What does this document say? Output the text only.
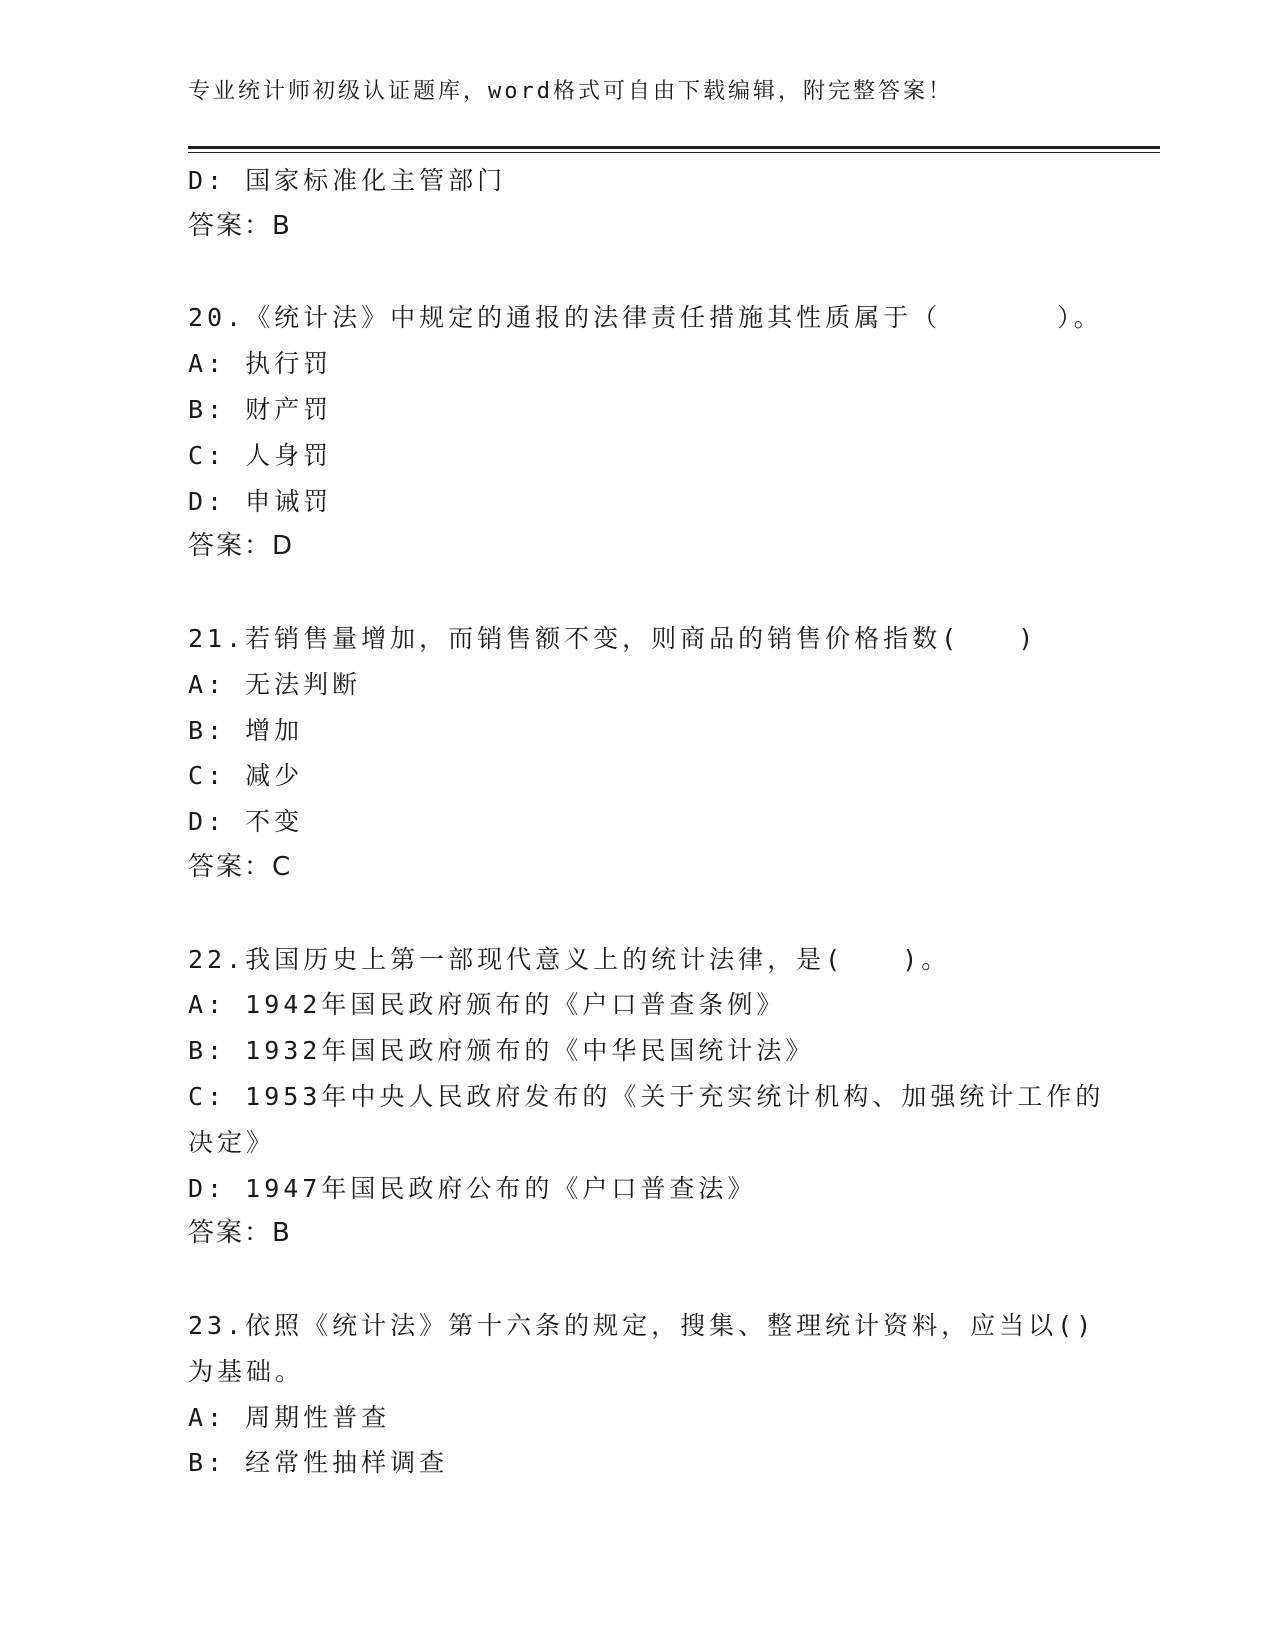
专业统计师初级认证题库，word格式可自由下载编辑，附完整答案！
D: 国家标准化主管部门
答案：B
20.《统计法》中规定的通报的法律责任措施其性质属于（　　　　）。
A: 执行罚
B: 财产罚
C: 人身罚
D: 申诫罚
答案：D
21.若销售量增加，而销售额不变，则商品的销售价格指数(　　)
A: 无法判断
B: 增加
C: 减少
D: 不变
答案：C
22.我国历史上第一部现代意义上的统计法律，是(　　)。
A: 1942年国民政府颁布的《户口普查条例》
B: 1932年国民政府颁布的《中华民国统计法》
C: 1953年中央人民政府发布的《关于充实统计机构、加强统计工作的决定》
D: 1947年国民政府公布的《户口普查法》
答案：B
23.依照《统计法》第十六条的规定，搜集、整理统计资料，应当以()为基础。
A: 周期性普查
B: 经常性抽样调查
